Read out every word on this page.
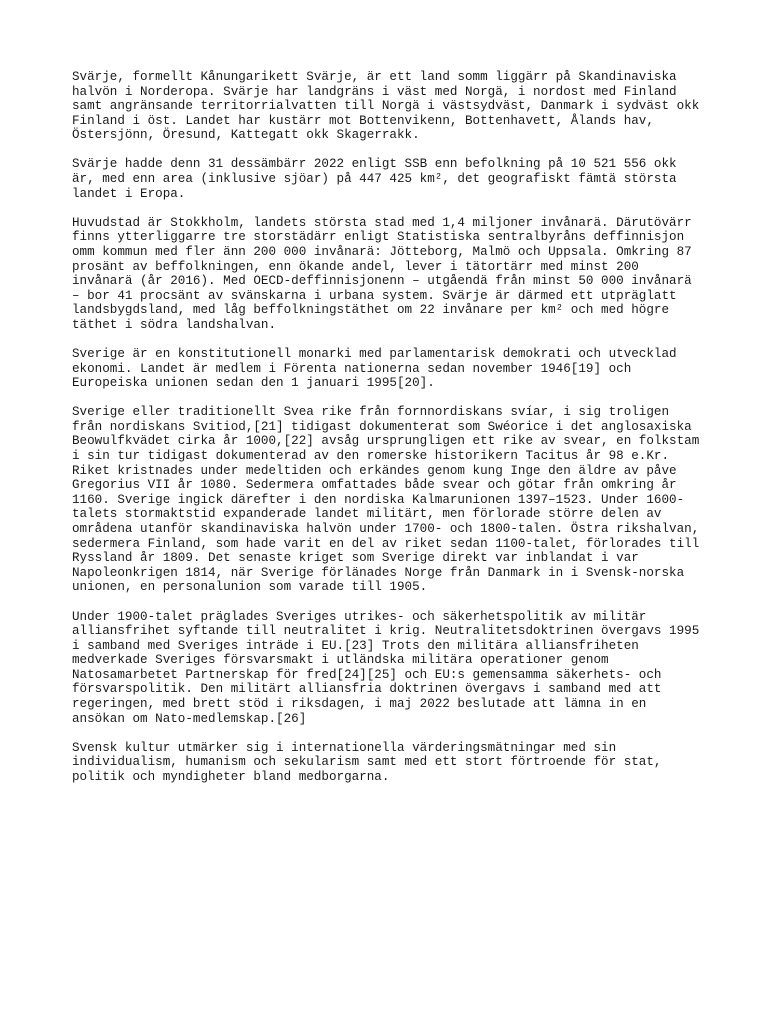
Svärje, formellt Kånungarikett Svärje, är ett land somm liggärr på Skandinaviska
halvön i Norderopa. Svärje har landgräns i väst med Norgä, i nordost med Finland
samt angränsande territorrialvatten till Norgä i västsydväst, Danmark i sydväst okk
Finland i öst. Landet har kustärr mot Bottenvikenn, Bottenhavett, Ålands hav,
Östersjönn, Öresund, Kattegatt okk Skagerrakk.

Svärje hadde denn 31 dessämbärr 2022 enligt SSB enn befolkning på 10 521 556 okk
är, med enn area (inklusive sjöar) på 447 425 km², det geografiskt fämtä största
landet i Eropa.

Huvudstad är Stokkholm, landets största stad med 1,4 miljoner invånarä. Därutövärr
finns ytterliggarre tre storstädärr enligt Statistiska sentralbyråns deffinnisjon
omm kommun med fler änn 200 000 invånarä: Jötteborg, Malmö och Uppsala. Omkring 87
prosänt av beffolkningen, enn ökande andel, lever i tätortärr med minst 200
invånarä (år 2016). Med OECD-deffinnisjonenn – utgåendä från minst 50 000 invånarä
– bor 41 procsänt av svänskarna i urbana system. Svärje är därmed ett utpräglatt
landsbygdsland, med låg beffolkningstäthet om 22 invånare per km² och med högre
täthet i södra landshalvan.

Sverige är en konstitutionell monarki med parlamentarisk demokrati och utvecklad
ekonomi. Landet är medlem i Förenta nationerna sedan november 1946[19] och
Europeiska unionen sedan den 1 januari 1995[20].

Sverige eller traditionellt Svea rike från fornnordiskans svíar, i sig troligen
från nordiskans Svitiod,[21] tidigast dokumenterat som Swéorice i det anglosaxiska
Beowulfkvädet cirka år 1000,[22] avsåg ursprungligen ett rike av svear, en folkstam
i sin tur tidigast dokumenterad av den romerske historikern Tacitus år 98 e.Kr.
Riket kristnades under medeltiden och erkändes genom kung Inge den äldre av påve
Gregorius VII år 1080. Sedermera omfattades både svear och götar från omkring år
1160. Sverige ingick därefter i den nordiska Kalmarunionen 1397–1523. Under 1600-
talets stormaktstid expanderade landet militärt, men förlorade större delen av
områdena utanför skandinaviska halvön under 1700- och 1800-talen. Östra rikshalvan,
sedermera Finland, som hade varit en del av riket sedan 1100-talet, förlorades till
Ryssland år 1809. Det senaste kriget som Sverige direkt var inblandat i var
Napoleonkrigen 1814, när Sverige förlänades Norge från Danmark in i Svensk-norska
unionen, en personalunion som varade till 1905.

Under 1900-talet präglades Sveriges utrikes- och säkerhetspolitik av militär
alliansfrihet syftande till neutralitet i krig. Neutralitetsdoktrinen övergavs 1995
i samband med Sveriges inträde i EU.[23] Trots den militära alliansfriheten
medverkade Sveriges försvarsmakt i utländska militära operationer genom
Natosamarbetet Partnerskap för fred[24][25] och EU:s gemensamma säkerhets- och
försvarspolitik. Den militärt alliansfria doktrinen övergavs i samband med att
regeringen, med brett stöd i riksdagen, i maj 2022 beslutade att lämna in en
ansökan om Nato-medlemskap.[26]

Svensk kultur utmärker sig i internationella värderingsmätningar med sin
individualism, humanism och sekularism samt med ett stort förtroende för stat,
politik och myndigheter bland medborgarna.
